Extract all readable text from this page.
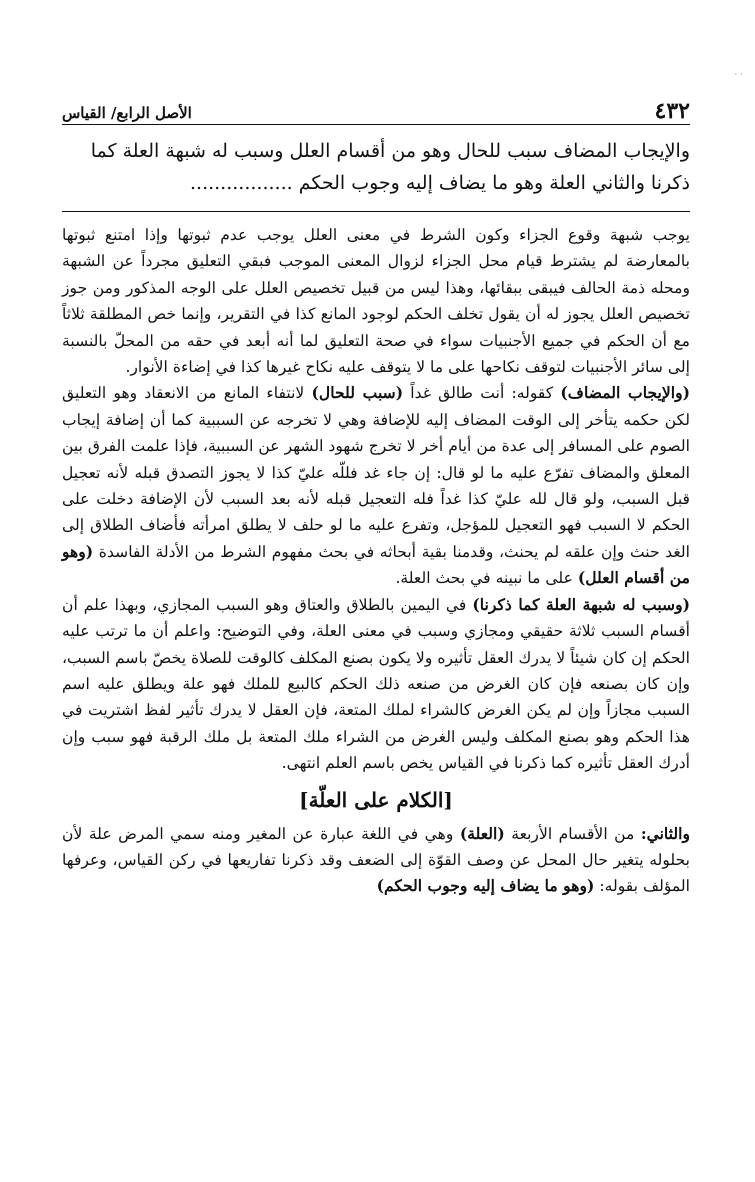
· ·
٤٣٢
الأصل الرابع/ القياس
والإيجاب المضاف سبب للحال وهو من أقسام العلل وسبب له شبهة العلة كما
ذكرنا والثاني العلة وهو ما يضاف إليه وجوب الحكم .................

يوجب شبهة وقوع الجزاء وكون الشرط في معنى العلل يوجب عدم ثبوتها وإذا امتنع ثبوتها بالمعارضة لم يشترط قيام محل الجزاء لزوال المعنى الموجب فبقي التعليق مجرداً عن الشبهة ومحله ذمة الحالف فيبقى ببقائها، وهذا ليس من قبيل تخصيص العلل على الوجه المذكور ومن جوز تخصيص العلل يجوز له أن يقول تخلف الحكم لوجود المانع كذا في التقرير، وإنما خص المطلقة ثلاثاً مع أن الحكم في جميع الأجنبيات سواء في صحة التعليق لما أنه أبعد في حقه من المحلّ بالنسبة إلى سائر الأجنبيات لتوقف نكاحها على ما لا يتوقف عليه نكاح غيرها كذا في إضاءة الأنوار.

(والإيجاب المضاف) كقوله: أنت طالق غداً (سبب للحال) لانتفاء المانع من الانعقاد وهو التعليق لكن حكمه يتأخر إلى الوقت المضاف إليه للإضافة وهي لا تخرجه عن السببية كما أن إضافة إيجاب الصوم على المسافر إلى عدة من أيام أخر لا تخرج شهود الشهر عن السببية، فإذا علمت الفرق بين المعلق والمضاف تفرّع عليه ما لو قال: إن جاء غد فللّه عليّ كذا لا يجوز التصدق قبله لأنه تعجيل قبل السبب، ولو قال لله عليّ كذا غداً فله التعجيل قبله لأنه بعد السبب لأن الإضافة دخلت على الحكم لا السبب فهو التعجيل للمؤجل، وتفرع عليه ما لو حلف لا يطلق امرأته فأضاف الطلاق إلى الغد حنث وإن علقه لم يحنث، وقدمنا بقية أبحاثه في بحث مفهوم الشرط من الأدلة الفاسدة (وهو من أقسام العلل) على ما نبينه في بحث العلة.

(وسبب له شبهة العلة كما ذكرنا) في اليمين بالطلاق والعتاق وهو السبب المجازي، وبهذا علم أن أقسام السبب ثلاثة حقيقي ومجازي وسبب في معنى العلة، وفي التوضيح: واعلم أن ما ترتب عليه الحكم إن كان شيئاً لا يدرك العقل تأثيره ولا يكون بصنع المكلف كالوقت للصلاة يخصّ باسم السبب، وإن كان بصنعه فإن كان الغرض من صنعه ذلك الحكم كالبيع للملك فهو علة ويطلق عليه اسم السبب مجازاً وإن لم يكن الغرض كالشراء لملك المتعة، فإن العقل لا يدرك تأثير لفظ اشتريت في هذا الحكم وهو بصنع المكلف وليس الغرض من الشراء ملك المتعة بل ملك الرقبة فهو سبب وإن أدرك العقل تأثيره كما ذكرنا في القياس يخص باسم العلم انتهى.

[الكلام على العلّة]

والثاني: من الأقسام الأربعة (العلة) وهي في اللغة عبارة عن المغير ومنه سمي المرض علة لأن بحلوله يتغير حال المحل عن وصف القوّة إلى الضعف وقد ذكرنا تفاريعها في ركن القياس، وعرفها المؤلف بقوله: (وهو ما يضاف إليه وجوب الحكم)
